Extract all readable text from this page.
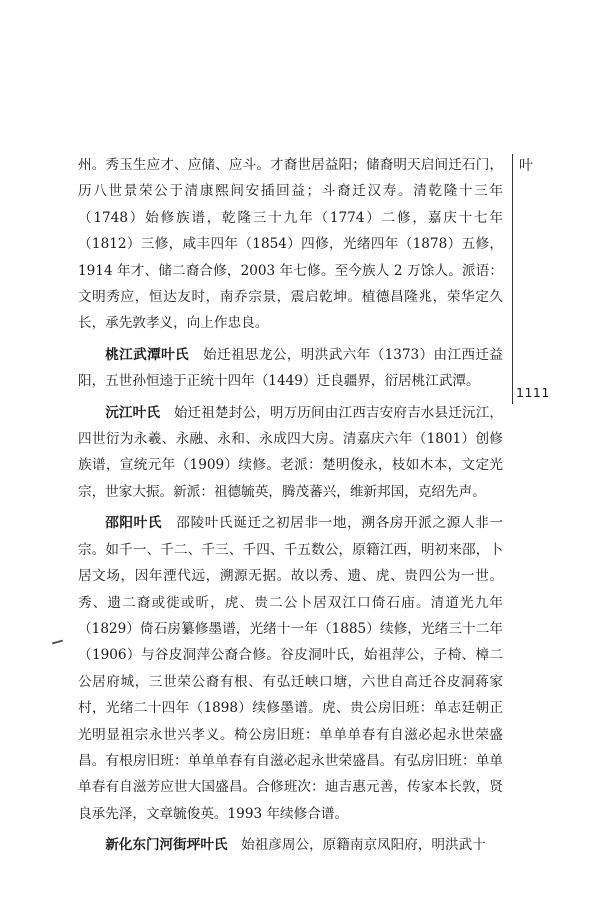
叶
1111

州。秀玉生应才、应储、应斗。才裔世居益阳；储裔明天启间迁石门，历八世景荣公于清康熙间安插回益；斗裔迁汉寿。清乾隆十三年（1748）始修族谱，乾隆三十九年（1774）二修，嘉庆十七年（1812）三修，咸丰四年（1854）四修，光绪四年（1878）五修，1914 年才、储二裔合修，2003 年七修。至今族人 2 万馀人。派语：文明秀应，恒达友时，南乔宗景，震启乾坤。植德昌隆兆，荣华定久长，承先敦孝义，向上作忠良。

桃江武潭叶氏　 始迁祖思龙公，明洪武六年（1373）由江西迁益阳，五世孙恒逵于正统十四年（1449）迁良疆界，衍居桃江武潭。

沅江叶氏　 始迁祖楚封公，明万历间由江西吉安府吉水县迁沅江，四世衍为永羲、永融、永和、永成四大房。清嘉庆六年（1801）创修族谱，宣统元年（1909）续修。老派：楚明俊永，枝如木本，文定光宗，世家大振。新派：祖德毓英，腾茂蕃兴，维新邦国，克绍先声。

邵阳叶氏　 邵陵叶氏诞迁之初居非一地，溯各房开派之源人非一宗。如千一、千二、千三、千四、千五数公，原籍江西，明初来邵，卜居文场，因年湮代远，溯源无据。故以秀、遗、虎、贵四公为一世。秀、遗二裔或徙或昕，虎、贵二公卜居双江口倚石庙。清道光九年（1829）倚石房纂修墨谱，光绪十一年（1885）续修，光绪三十二年（1906）与谷皮洞萍公裔合修。谷皮洞叶氏，始祖萍公，子椅、樟二公居府城，三世荣公裔有根、有弘迁峡口塘，六世自高迁谷皮洞蒋家村，光绪二十四年（1898）续修墨谱。虎、贵公房旧班：单志廷朝正光明显祖宗永世兴孝义。椅公房旧班：单单单春有自滋必起永世荣盛昌。有根房旧班：单单单春有自滋必起永世荣盛昌。有弘房旧班：单单单春有自滋芳应世大国盛昌。合修班次：迪吉惠元善，传家本长敦，贤良承先泽，文章毓俊英。1993 年续修合谱。

新化东门河街坪叶氏　 始祖彦周公，原籍南京凤阳府，明洪武十
